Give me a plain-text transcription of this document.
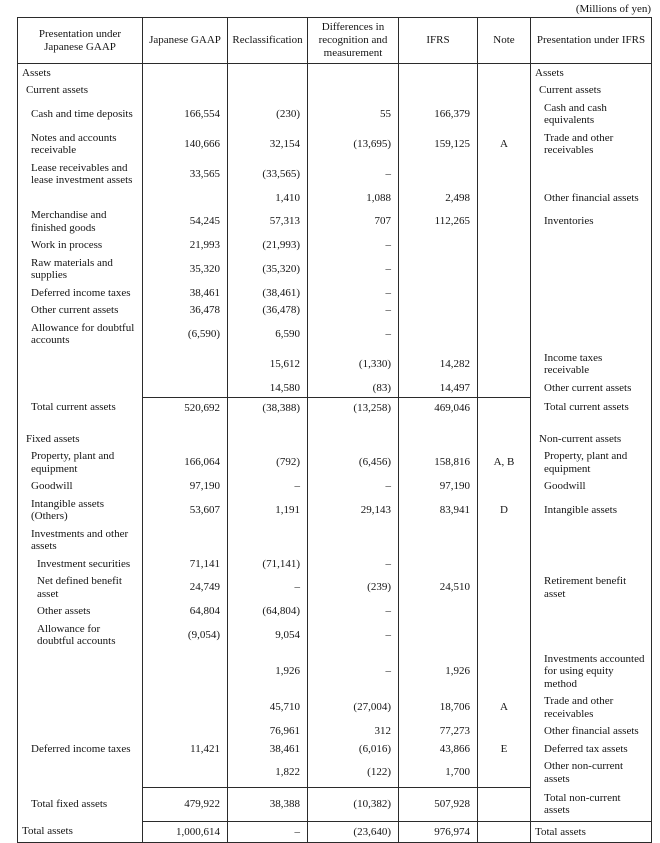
(Millions of yen)
Presentation under Japanese GAAP	Japanese GAAP	Reclassification	Differences in recognition and measurement	IFRS	Note	Presentation under IFRS
Assets						Assets
Current assets						Current assets
Cash and time deposits	166,554	(230)	55	166,379		Cash and cash equivalents
Notes and accounts receivable	140,666	32,154	(13,695)	159,125	A	Trade and other receivables
Lease receivables and lease investment assets	33,565	(33,565)	–			
		1,410	1,088	2,498		Other financial assets
Merchandise and finished goods	54,245	57,313	707	112,265		Inventories
Work in process	21,993	(21,993)	–			
Raw materials and supplies	35,320	(35,320)	–			
Deferred income taxes	38,461	(38,461)	–			
Other current assets	36,478	(36,478)	–			
Allowance for doubtful accounts	(6,590)	6,590	–			
		15,612	(1,330)	14,282		Income taxes receivable
		14,580	(83)	14,497		Other current assets
Total current assets	520,692	(38,388)	(13,258)	469,046		Total current assets

Fixed assets						Non-current assets
Property, plant and equipment	166,064	(792)	(6,456)	158,816	A, B	Property, plant and equipment
Goodwill	97,190	–	–	97,190		Goodwill
Intangible assets (Others)	53,607	1,191	29,143	83,941	D	Intangible assets
Investments and other assets						
Investment securities	71,141	(71,141)	–			
Net defined benefit asset	24,749	–	(239)	24,510		Retirement benefit asset
Other assets	64,804	(64,804)	–			
Allowance for doubtful accounts	(9,054)	9,054	–			
		1,926	–	1,926		Investments accounted for using equity method
		45,710	(27,004)	18,706	A	Trade and other receivables
		76,961	312	77,273		Other financial assets
Deferred income taxes	11,421	38,461	(6,016)	43,866	E	Deferred tax assets
		1,822	(122)	1,700		Other non-current assets
Total fixed assets	479,922	38,388	(10,382)	507,928		Total non-current assets
Total assets	1,000,614	–	(23,640)	976,974		Total assets
